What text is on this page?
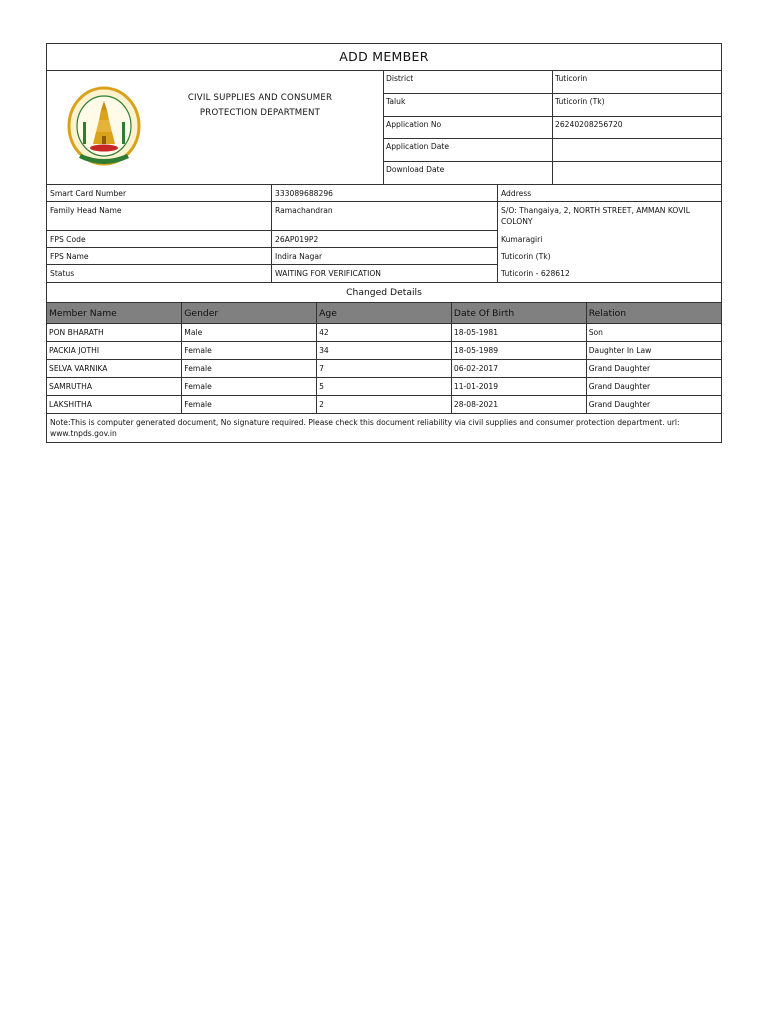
ADD MEMBER
CIVIL SUPPLIES AND CONSUMER
PROTECTION DEPARTMENT
District	Tuticorin
Taluk	Tuticorin (Tk)
Application No	26240208256720
Application Date
Download Date
Smart Card Number	333089688296
Family Head Name	Ramachandran
FPS Code	26AP019P2
FPS Name	Indira Nagar
Status	WAITING FOR VERIFICATION
Address
S/O: Thangaiya, 2, NORTH STREET, AMMAN KOVIL COLONY
Kumaragiri
Tuticorin (Tk)
Tuticorin - 628612
Changed Details
Member Name	Gender	Age	Date Of Birth	Relation
PON BHARATH	Male	42	18-05-1981	Son
PACKIA JOTHI	Female	34	18-05-1989	Daughter In Law
SELVA VARNIKA	Female	7	06-02-2017	Grand Daughter
SAMRUTHA	Female	5	11-01-2019	Grand Daughter
LAKSHITHA	Female	2	28-08-2021	Grand Daughter
Note:This is computer generated document, No signature required. Please check this document reliability via civil supplies and consumer protection department. url: www.tnpds.gov.in
